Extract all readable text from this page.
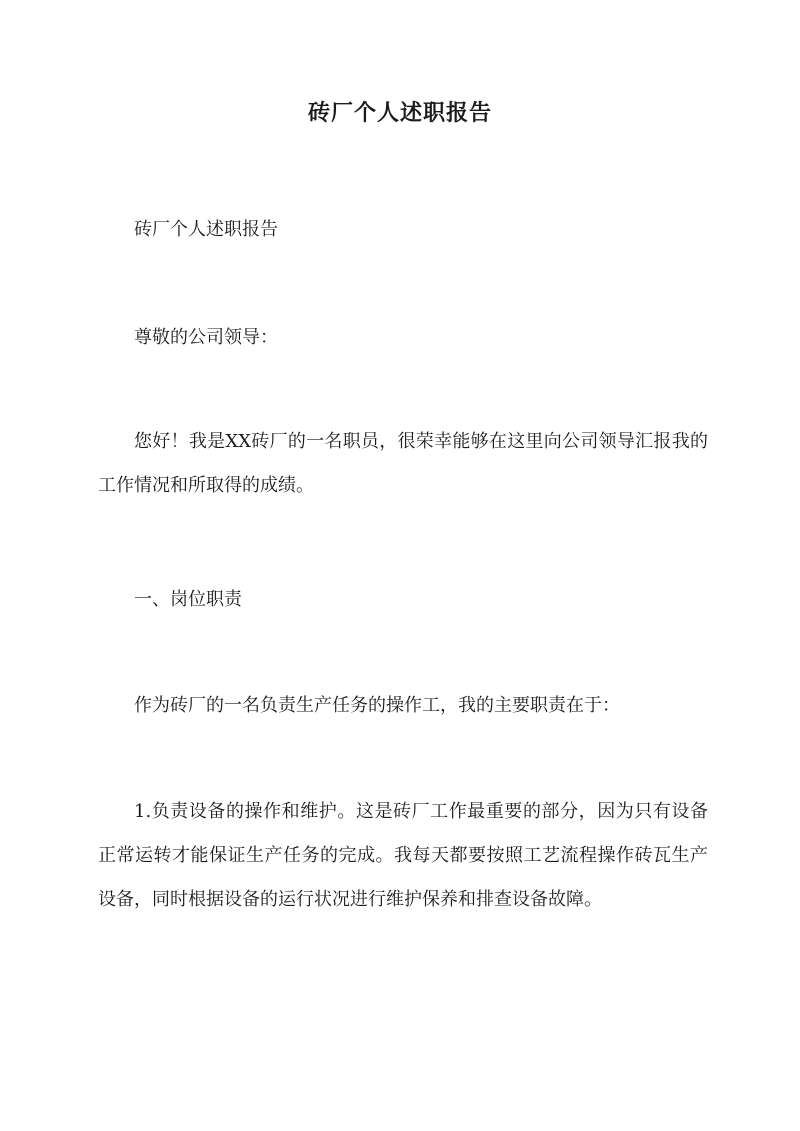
砖厂个人述职报告

砖厂个人述职报告

尊敬的公司领导：

您好！我是XX砖厂的一名职员，很荣幸能够在这里向公司领导汇报我的工作情况和所取得的成绩。

一、岗位职责

作为砖厂的一名负责生产任务的操作工，我的主要职责在于：

1.负责设备的操作和维护。这是砖厂工作最重要的部分，因为只有设备正常运转才能保证生产任务的完成。我每天都要按照工艺流程操作砖瓦生产设备，同时根据设备的运行状况进行维护保养和排查设备故障。
